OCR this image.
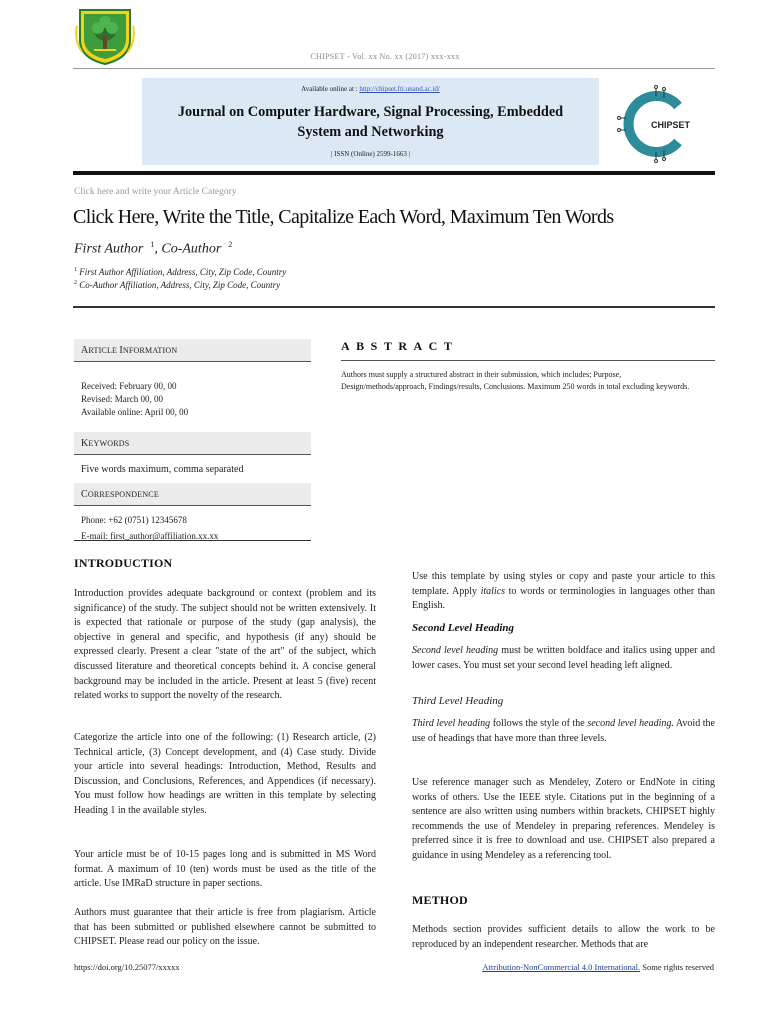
CHIPSET - Vol. xx No. xx (2017) xxx-xxx
Available online at : http://chipset.fti.unand.ac.id/
Journal on Computer Hardware, Signal Processing, Embedded
System and Networking
| ISSN (Online) 2599-1663 |
CHIPSET
Click here and write your Article Category
Click Here, Write the Title, Capitalize Each Word, Maximum Ten Words
First Author $^1$, Co-Author $^2$
$^1$ First Author Affiliation, Address, City, Zip Code, Country
$^2$ Co-Author Affiliation, Address, City, Zip Code, Country
ARTICLE INFORMATION
Received: February 00, 00
Revised: March 00, 00
Available online: April 00, 00
KEYWORDS
Five words maximum, comma separated
CORRESPONDENCE
Phone: +62 (0751) 12345678
E-mail: first_author@affiliation.xx.xx
ABSTRACT
Authors must supply a structured abstract in their submission, which includes; Purpose, Design/methods/approach, Findings/results, Conclusions. Maximum 250 words in total excluding keywords.
INTRODUCTION

Introduction provides adequate background or context (problem and its significance) of the study. The subject should not be written extensively. It is expected that rationale or purpose of the study (gap analysis), the objective in general and specific, and hypothesis (if any) should be expressed clearly. Present a clear "state of the art" of the subject, which discussed literature and theoretical concepts behind it. A concise general background may be included in the article. Present at least 5 (five) recent related works to support the novelty of the research.

Categorize the article into one of the following: (1) Research article, (2) Technical article, (3) Concept development, and (4) Case study. Divide your article into several headings: Introduction, Method, Results and Discussion, and Conclusions, References, and Appendices (if necessary). You must follow how headings are written in this template by selecting Heading 1 in the available styles.

Your article must be of 10-15 pages long and is submitted in MS Word format. A maximum of 10 (ten) words must be used as the title of the article. Use IMRaD structure in paper sections.

Authors must guarantee that their article is free from plagiarism. Article that has been submitted or published elsewhere cannot be submitted to CHIPSET. Please read our policy on the issue.

Use this template by using styles or copy and paste your article to this template. Apply italics to words or terminologies in languages other than English.

Second Level Heading

Second level heading must be written boldface and italics using upper and lower cases. You must set your second level heading left aligned.

Third Level Heading

Third level heading follows the style of the second level heading. Avoid the use of headings that have more than three levels.

Use reference manager such as Mendeley, Zotero or EndNote in citing works of others. Use the IEEE style. Citations put in the beginning of a sentence are also written using numbers within brackets. CHIPSET highly recommends the use of Mendeley in preparing references. Mendeley is preferred since it is free to download and use. CHIPSET also prepared a guidance in using Mendeley as a referencing tool.

METHOD

Methods section provides sufficient details to allow the work to be reproduced by an independent researcher. Methods that are

https://doi.org/10.25077/xxxxx	Attribution-NonCommercial 4.0 International. Some rights reserved
